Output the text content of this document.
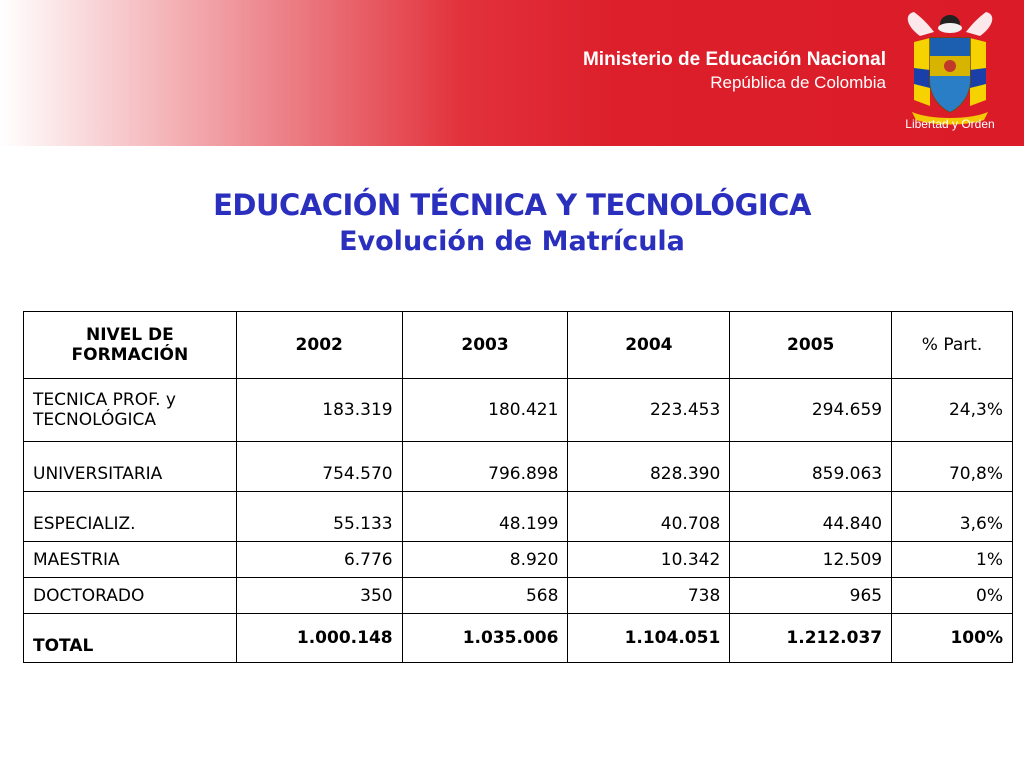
Ministerio de Educación Nacional
República de Colombia
Libertad y Orden
EDUCACIÓN TÉCNICA Y TECNOLÓGICA
Evolución de Matrícula
NIVEL DE FORMACIÓN	2002	2003	2004	2005	% Part.
TECNICA PROF. y TECNOLÓGICA	183.319	180.421	223.453	294.659	24,3%
UNIVERSITARIA	754.570	796.898	828.390	859.063	70,8%
ESPECIALIZ.	55.133	48.199	40.708	44.840	3,6%
MAESTRIA	6.776	8.920	10.342	12.509	1%
DOCTORADO	350	568	738	965	0%
TOTAL	1.000.148	1.035.006	1.104.051	1.212.037	100%
